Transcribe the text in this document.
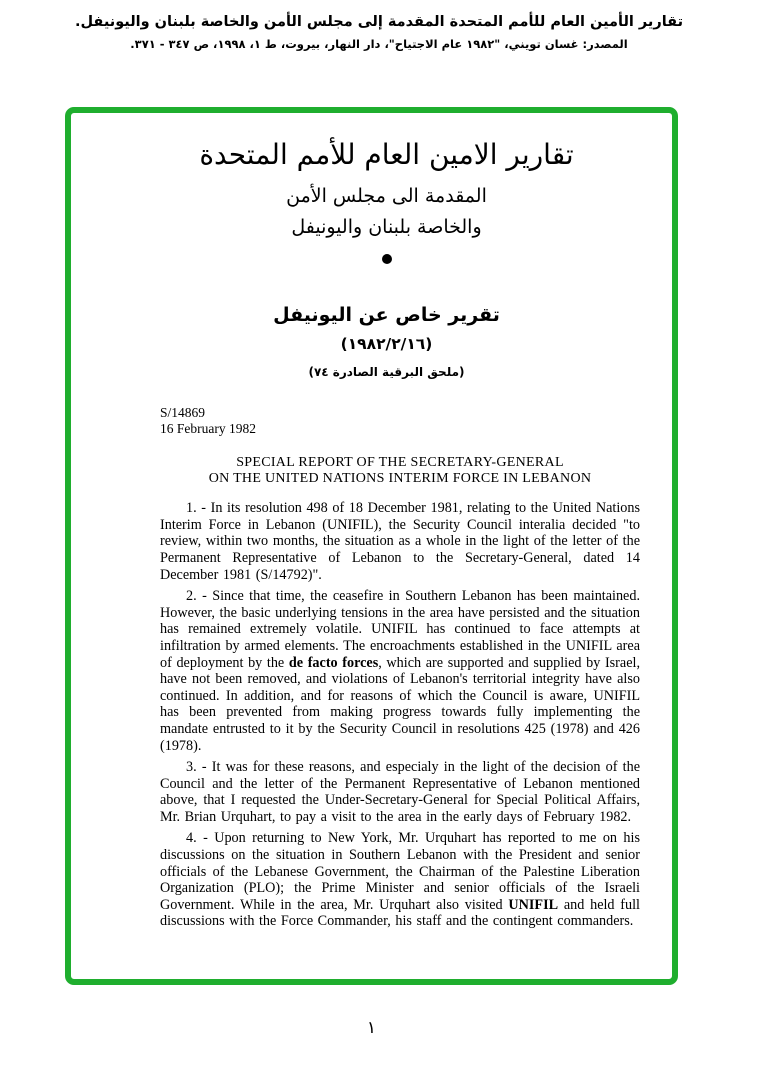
تقارير الأمين العام للأمم المتحدة المقدمة إلى مجلس الأمن والخاصة بلبنان واليونيفل.
المصدر: غسان تويني، "١٩٨٢ عام الاجتياح"، دار النهار، بيروت، ط ١، ١٩٩٨، ص ٣٤٧ - ٣٧١.
تقارير الامين العام للأمم المتحدة
المقدمة الى مجلس الأمن
والخاصة بلبنان واليونيفل
تقرير خاص عن اليونيفل
(١٩٨٢/٢/١٦)
(ملحق البرقية الصادرة ٧٤)
S/14869
16 February 1982
SPECIAL REPORT OF THE SECRETARY-GENERAL
ON THE UNITED NATIONS INTERIM FORCE IN LEBANON

1. - In its resolution 498 of 18 December 1981, relating to the United Nations Interim Force in Lebanon (UNIFIL), the Security Council interalia decided "to review, within two months, the situation as a whole in the light of the letter of the Permanent Representative of Lebanon to the Secretary-General, dated 14 December 1981 (S/14792)".

2. - Since that time, the ceasefire in Southern Lebanon has been maintained. However, the basic underlying tensions in the area have persisted and the situation has remained extremely volatile. UNIFIL has continued to face attempts at infiltration by armed elements. The encroachments established in the UNIFIL area of deployment by the de facto forces, which are supported and supplied by Israel, have not been removed, and violations of Lebanon's territorial integrity have also continued. In addition, and for reasons of which the Council is aware, UNIFIL has been prevented from making progress towards fully implementing the mandate entrusted to it by the Security Council in resolutions 425 (1978) and 426 (1978).

3. - It was for these reasons, and especialy in the light of the decision of the Council and the letter of the Permanent Representative of Lebanon mentioned above, that I requested the Under-Secretary-General for Special Political Affairs, Mr. Brian Urquhart, to pay a visit to the area in the early days of February 1982.

4. - Upon returning to New York, Mr. Urquhart has reported to me on his discussions on the situation in Southern Lebanon with the President and senior officials of the Lebanese Government, the Chairman of the Palestine Liberation Organization (PLO); the Prime Minister and senior officials of the Israeli Government. While in the area, Mr. Urquhart also visited UNIFIL and held full discussions with the Force Commander, his staff and the contingent commanders.

١
